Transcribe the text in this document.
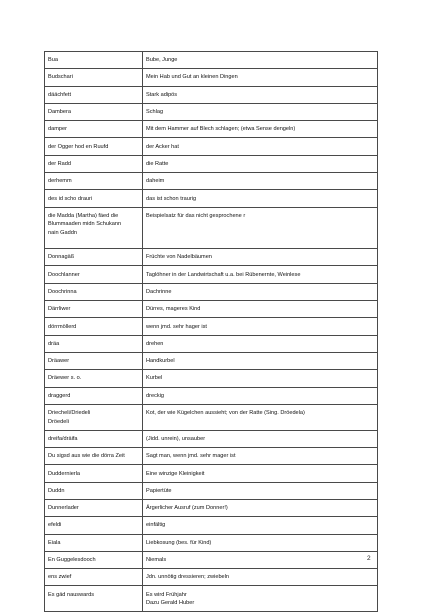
Bua	Bube, Junge
Budschari	Mein Hab und Gut an kleinen Dingen
däächfett	Stark adipös
Dambera	Schlag
damper	Mit dem Hammer auf Blech schlagen; (etwa Sense dengeln)
der Ogger hod en Ruufd	der Acker hat
der Radd	die Ratte
derhemm	daheim
des id scho drauri	das ist schon traurig
die Madda (Martha) fäed die
Blummaaden midn Schukann
nain Gaddn	Beispielsatz für das nicht gesprochene r
Donnagäß	Früchte von Nadelbäumen
Doochlanner	Taglöhner in der Landwirtschaft u.a. bei Rübenernte, Weinlese
Doochrinna	Dachrinne
Därrliwer	Dürres, mageres Kind
dörrmöllerd	wenn jmd. sehr hager ist
dräa	drehen
Dräawer	Handkurbel
Dräewer s. o.	Kurbel
draggerd	dreckig
Driecheli/Driedeli
Dröedeli	Kot, der wie Kügelchen aussieht; von der Ratte (Sing. Dröedela)
dreifa/dräifa	(Jidd. unrein), unsauber
Du sigsd aus wie die dörra Zeit	Sagt man, wenn jmd. sehr mager ist
Duddernierla	Eine winzige Kleinigkeit
Duddn	Papiertüte
Dunnerlader	Ärgerlicher Ausruf (zum Donner!)
efeldi	einfältig
Eiala	Liebkosung (bes. für Kind)
En Guggelesdooch	Niemals
ens zwief	Jdn. unnötig dressieren; zwiebeln
Es gäd nauswards	Es wird Frühjahr
Dazu Gerald Huber
2
